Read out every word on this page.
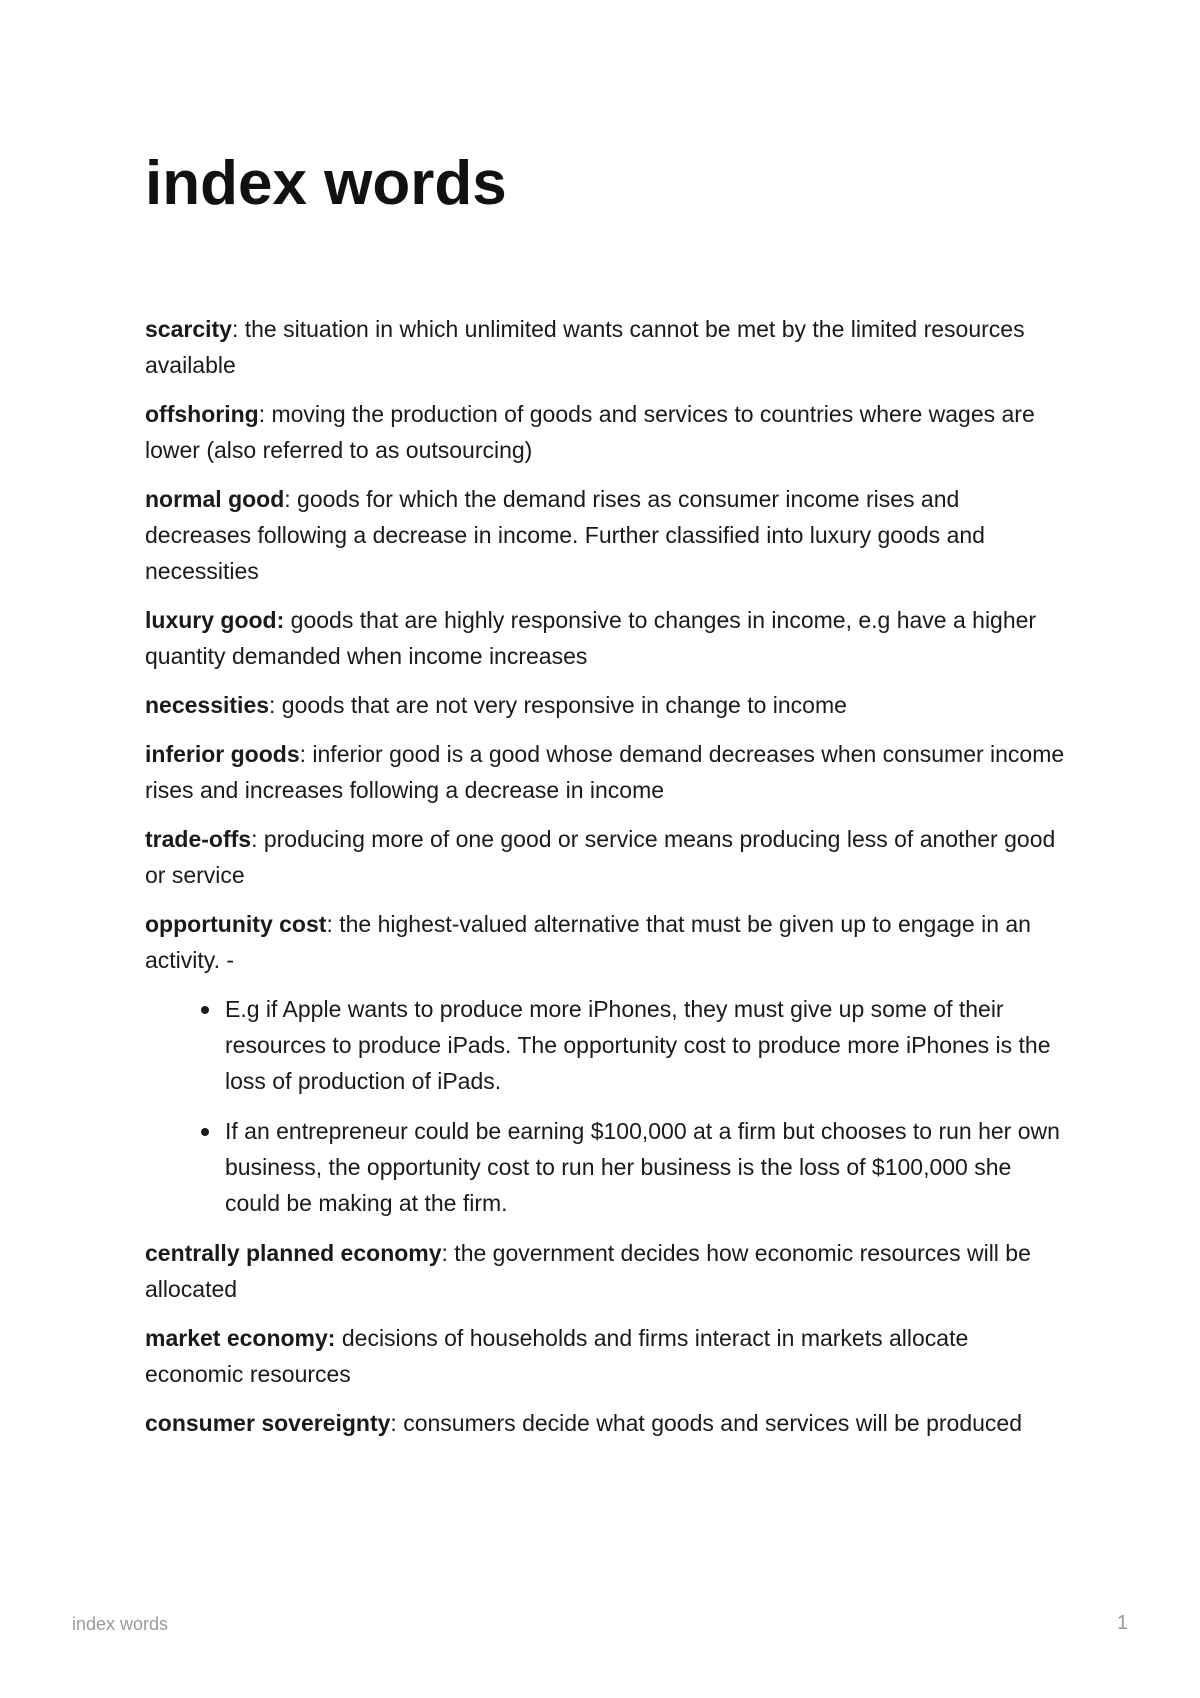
index words

scarcity: the situation in which unlimited wants cannot be met by the limited resources available

offshoring: moving the production of goods and services to countries where wages are lower (also referred to as outsourcing)

normal good: goods for which the demand rises as consumer income rises and decreases following a decrease in income. Further classified into luxury goods and necessities

luxury good: goods that are highly responsive to changes in income, e.g have a higher quantity demanded when income increases

necessities: goods that are not very responsive in change to income

inferior goods: inferior good is a good whose demand decreases when consumer income rises and increases following a decrease in income

trade-offs: producing more of one good or service means producing less of another good or service

opportunity cost: the highest-valued alternative that must be given up to engage in an activity. -

E.g if Apple wants to produce more iPhones, they must give up some of their resources to produce iPads. The opportunity cost to produce more iPhones is the loss of production of iPads.
If an entrepreneur could be earning $100,000 at a firm but chooses to run her own business, the opportunity cost to run her business is the loss of $100,000 she could be making at the firm.

centrally planned economy: the government decides how economic resources will be allocated

market economy: decisions of households and firms interact in markets allocate economic resources

consumer sovereignty: consumers decide what goods and services will be produced

index words	1
